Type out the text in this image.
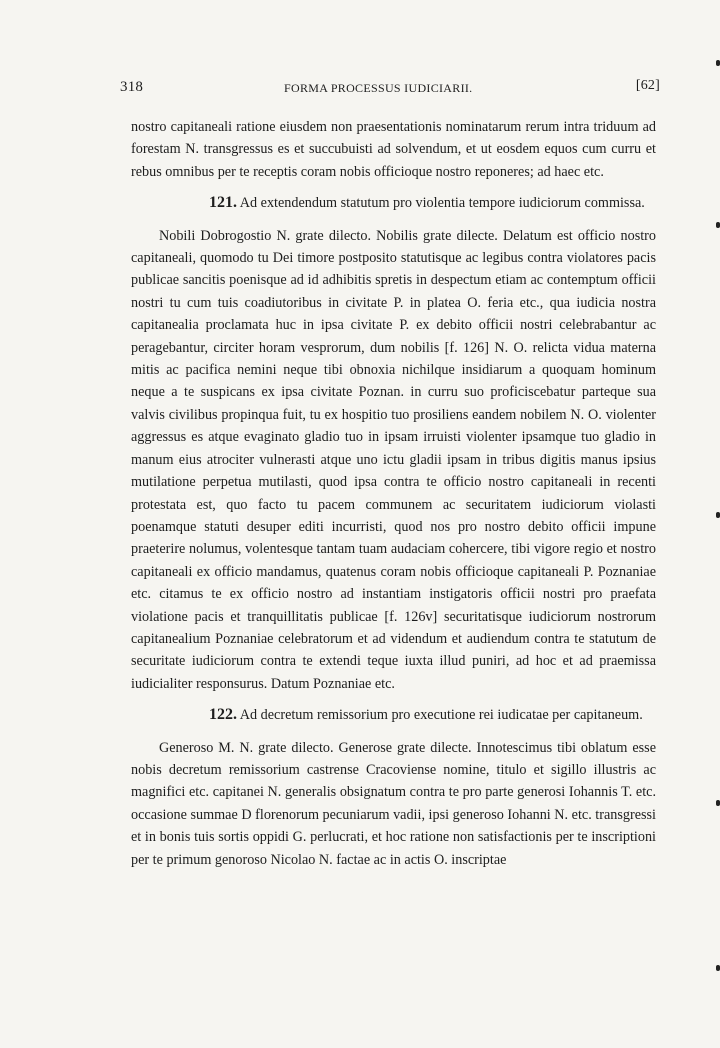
318	FORMA PROCESSUS IUDICIARII.	[62]

nostro capitaneali ratione eiusdem non praesentationis nominatarum rerum intra triduum ad forestam N. transgressus es et succubuisti ad solvendum, et ut eosdem equos cum curru et rebus omnibus per te receptis coram nobis officioque nostro reponeres; ad haec etc.

121. Ad extendendum statutum pro violentia tempore iudiciorum commissa.

Nobili Dobrogostio N. grate dilecto. Nobilis grate dilecte. Delatum est officio nostro capitaneali, quomodo tu Dei timore postposito statutisque ac legibus contra violatores pacis publicae sancitis poenisque ad id adhibitis spretis in despectum etiam ac contemptum officii nostri tu cum tuis coadiutoribus in civitate P. in platea O. feria etc., qua iudicia nostra capitanealia proclamata huc in ipsa civitate P. ex debito officii nostri celebrabantur ac peragebantur, circiter horam vesprorum, dum nobilis [f. 126] N. O. relicta vidua materna mitis ac pacifica nemini neque tibi obnoxia nichilque insidiarum a quoquam hominum neque a te suspicans ex ipsa civitate Poznan. in curru suo proficiscebatur parteque sua valvis civilibus propinqua fuit, tu ex hospitio tuo prosiliens eandem nobilem N. O. violenter aggressus es atque evaginato gladio tuo in ipsam irruisti violenter ipsamque tuo gladio in manum eius atrociter vulnerasti atque uno ictu gladii ipsam in tribus digitis manus ipsius mutilatione perpetua mutilasti, quod ipsa contra te officio nostro capitaneali in recenti protestata est, quo facto tu pacem communem ac securitatem iudiciorum violasti poenamque statuti desuper editi incurristi, quod nos pro nostro debito officii impune praeterire nolumus, volentesque tantam tuam audaciam cohercere, tibi vigore regio et nostro capitaneali ex officio mandamus, quatenus coram nobis officioque capitaneali P. Poznaniae etc. citamus te ex officio nostro ad instantiam instigatoris officii nostri pro praefata violatione pacis et tranquillitatis publicae [f. 126v] securitatisque iudiciorum nostrorum capitanealium Poznaniae celebratorum et ad videndum et audiendum contra te statutum de securitate iudiciorum contra te extendi teque iuxta illud puniri, ad hoc et ad praemissa iudicialiter responsurus. Datum Poznaniae etc.

122. Ad decretum remissorium pro executione rei iudicatae per capitaneum.

Generoso M. N. grate dilecto. Generose grate dilecte. Innotescimus tibi oblatum esse nobis decretum remissorium castrense Cracoviense nomine, titulo et sigillo illustris ac magnifici etc. capitanei N. generalis obsignatum contra te pro parte generosi Iohannis T. etc. occasione summae D florenorum pecuniarum vadii, ipsi generoso Iohanni N. etc. transgressi et in bonis tuis sortis oppidi G. perlucrati, et hoc ratione non satisfactionis per te inscriptioni per te primum genoroso Nicolao N. factae ac in actis O. inscriptae
